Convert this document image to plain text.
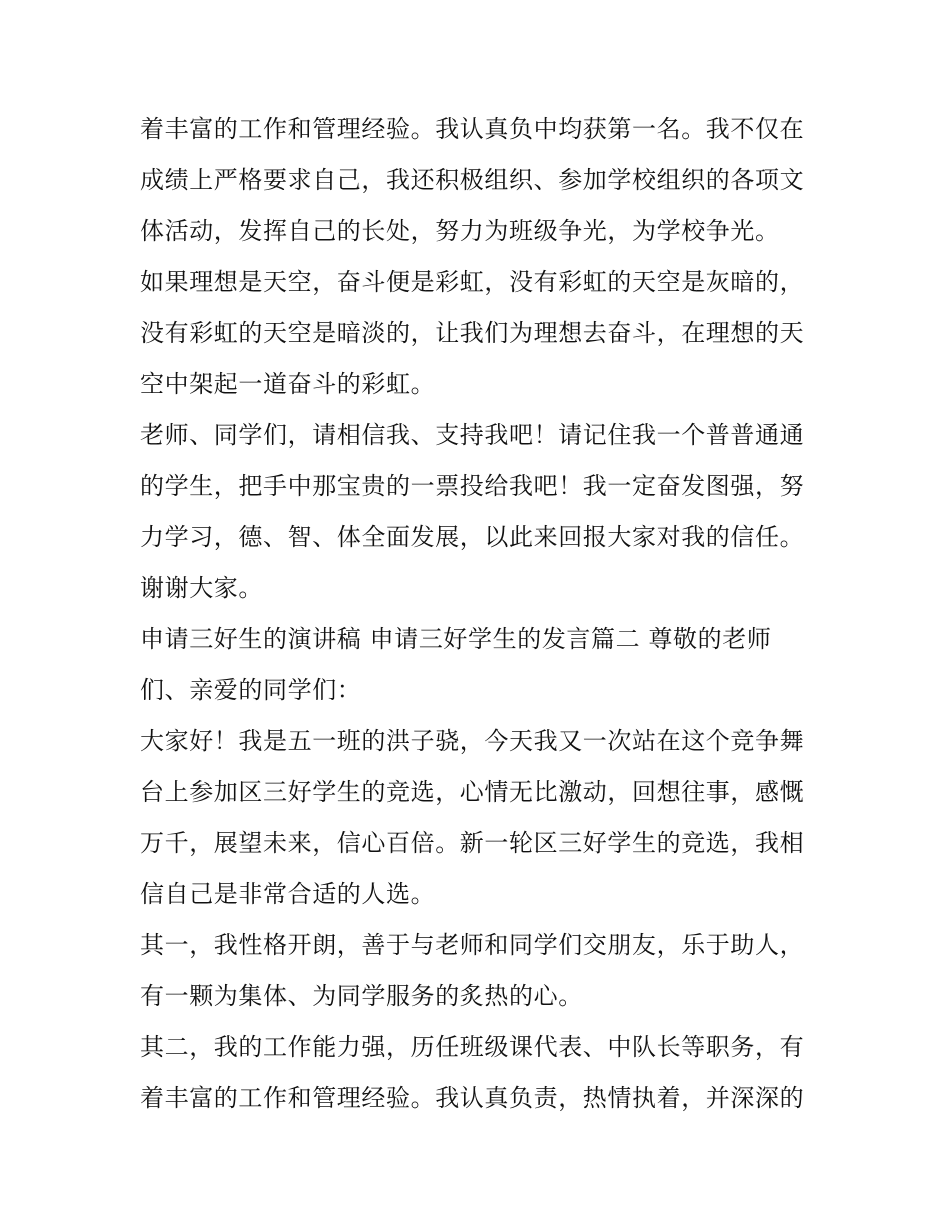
着丰富的工作和管理经验。我认真负中均获第一名。我不仅在
成绩上严格要求自己，我还积极组织、参加学校组织的各项文
体活动，发挥自己的长处，努力为班级争光，为学校争光。
如果理想是天空，奋斗便是彩虹，没有彩虹的天空是灰暗的，
没有彩虹的天空是暗淡的，让我们为理想去奋斗，在理想的天
空中架起一道奋斗的彩虹。
老师、同学们，请相信我、支持我吧！请记住我一个普普通通
的学生，把手中那宝贵的一票投给我吧！我一定奋发图强，努
力学习，德、智、体全面发展，以此来回报大家对我的信任。
谢谢大家。
申请三好生的演讲稿 申请三好学生的发言篇二 尊敬的老师
们、亲爱的同学们：
大家好！我是五一班的洪子骁，今天我又一次站在这个竞争舞
台上参加区三好学生的竞选，心情无比激动，回想往事，感慨
万千，展望未来，信心百倍。新一轮区三好学生的竞选，我相
信自己是非常合适的人选。
其一，我性格开朗，善于与老师和同学们交朋友，乐于助人，
有一颗为集体、为同学服务的炙热的心。
其二，我的工作能力强，历任班级课代表、中队长等职务，有
着丰富的工作和管理经验。我认真负责，热情执着，并深深的
